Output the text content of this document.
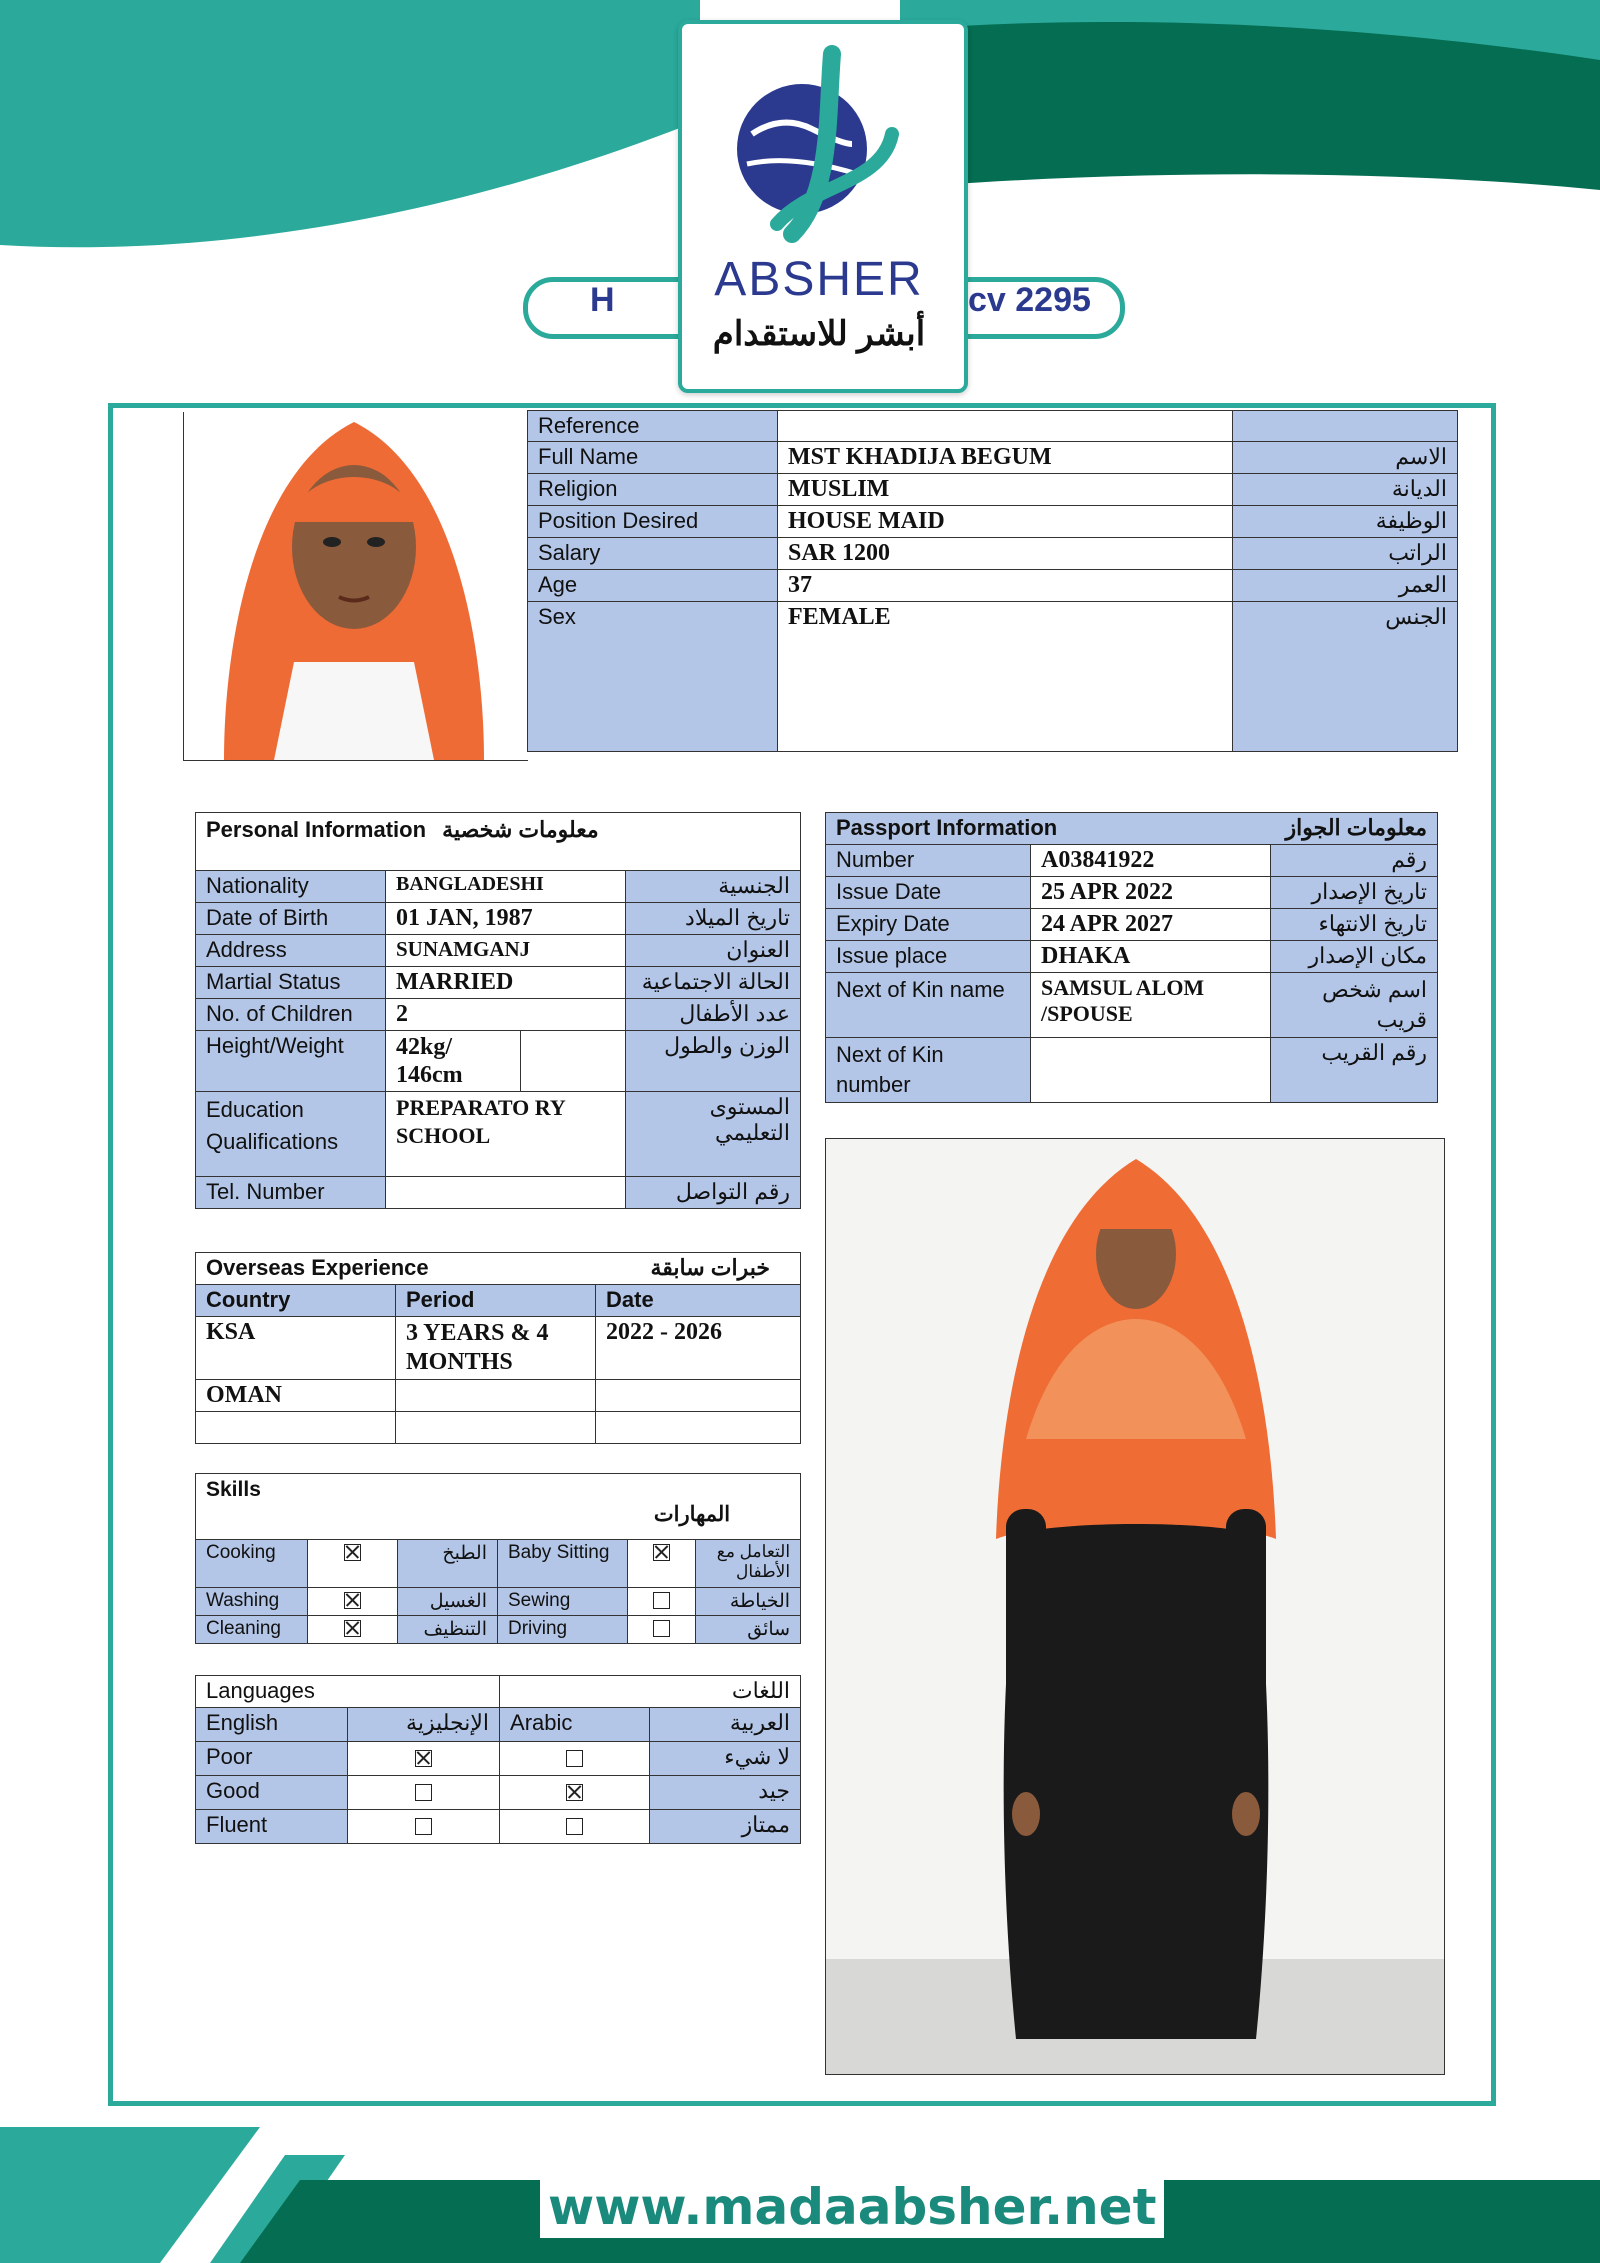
H	cv 2295
ABSHER
أبشر للاستقدام
Reference		
Full Name	MST KHADIJA BEGUM	الاسم
Religion	MUSLIM	الديانة
Position Desired	HOUSE MAID	الوظيفة
Salary	SAR 1200	الراتب
Age	37	العمر
Sex	FEMALE	الجنس
Personal Information معلومات شخصية			
Nationality	BANGLADESHI		الجنسية
Date of Birth	01 JAN, 1987		تاريخ الميلاد
Address	SUNAMGANJ		العنوان
Martial Status	MARRIED		الحالة الاجتماعية
No. of Children	2		عدد الأطفال
Height/Weight	42kg/ 146cm		الوزن والطول
Education Qualifications	PREPARATO RY SCHOOL		المستوى التعليمي
Tel. Number			رقم التواصل
Passport Information معلومات الجواز		

Number	A03841922	رقم
Issue Date	25 APR 2022	تاريخ الإصدار
Expiry Date	24 APR 2027	تاريخ الانتهاء
Issue place	DHAKA	مكان الإصدار
Next of Kin name	SAMSUL ALOM /SPOUSE	اسم شخص قريب
Next of Kin number		رقم القريب
Overseas Experience خبرات سابقة		

Country	Period	Date
KSA	3 YEARS & 4 MONTHS	2022 - 2026
OMAN		

Skills
المهارات					

Cooking		الطبخ	Baby Sitting		التعامل مع الأطفال
Washing		الغسيل	Sewing		الخياطة
Cleaning		التنظيف	Driving		سائق
Languages		اللغات	
English	الإنجليزية	Arabic	العربية
Poor			لا شيء
Good			جيد
Fluent			ممتاز
www.madaabsher.net
